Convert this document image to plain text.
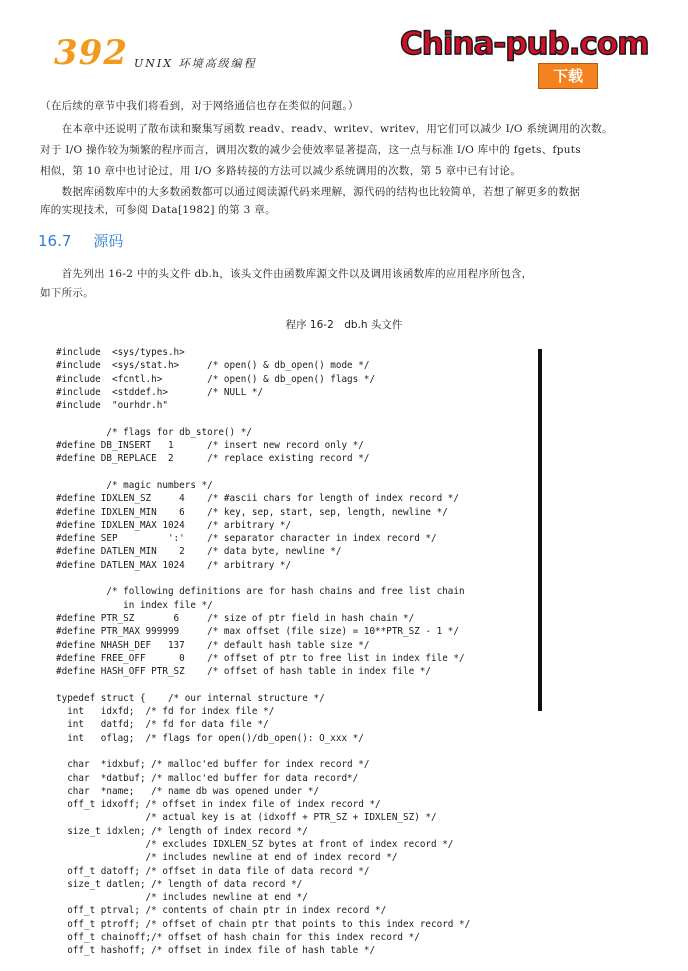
392 UNIX 环境高级编程
China-pub.com
下载
（在后续的章节中我们将看到，对于网络通信也存在类似的问题。）
　　在本章中还说明了散布读和聚集写函数 readv、readv、writev、writev，用它们可以减少 I/O 系统调用的次数。
对于 I/O 操作较为频繁的程序而言，调用次数的减少会使效率显著提高，这一点与标准 I/O 库中的 fgets、fputs
相似，第 10 章中也讨论过，用 I/O 多路转接的方法可以减少系统调用的次数，第 5 章中已有讨论。
　　数据库函数库中的大多数函数都可以通过阅读源代码来理解，源代码的结构也比较简单，若想了解更多的数据
库的实现技术，可参阅 Data[1982] 的第 3 章。
16.7 源码
　　首先列出 16-2 中的头文件 db.h，该头文件由函数库源文件以及调用该函数库的应用程序所包含，
如下所示。
程序 16-2　db.h 头文件
#include  <sys/types.h>
#include  <sys/stat.h>     /* open() & db_open() mode */
#include  <fcntl.h>        /* open() & db_open() flags */
#include  <stddef.h>       /* NULL */
#include  "ourhdr.h"

/* flags for db_store() */
#define DB_INSERT   1      /* insert new record only */
#define DB_REPLACE  2      /* replace existing record */

/* magic numbers */
#define IDXLEN_SZ     4    /* #ascii chars for length of index record */
#define IDXLEN_MIN    6    /* key, sep, start, sep, length, newline */
#define IDXLEN_MAX 1024    /* arbitrary */
#define SEP         ':'    /* separator character in index record */
#define DATLEN_MIN    2    /* data byte, newline */
#define DATLEN_MAX 1024    /* arbitrary */

/* following definitions are for hash chains and free list chain
in index file */
#define PTR_SZ       6     /* size of ptr field in hash chain */
#define PTR_MAX 999999     /* max offset (file size) = 10**PTR_SZ - 1 */
#define NHASH_DEF   137    /* default hash table size */
#define FREE_OFF      0    /* offset of ptr to free list in index file */
#define HASH_OFF PTR_SZ    /* offset of hash table in index file */

typedef struct {    /* our internal structure */
int   idxfd;  /* fd for index file */
int   datfd;  /* fd for data file */
int   oflag;  /* flags for open()/db_open(): O_xxx */

char  *idxbuf; /* malloc'ed buffer for index record */
char  *datbuf; /* malloc'ed buffer for data record*/
char  *name;   /* name db was opened under */
off_t idxoff; /* offset in index file of index record */
/* actual key is at (idxoff + PTR_SZ + IDXLEN_SZ) */
size_t idxlen; /* length of index record */
/* excludes IDXLEN_SZ bytes at front of index record */
/* includes newline at end of index record */
off_t datoff; /* offset in data file of data record */
size_t datlen; /* length of data record */
/* includes newline at end */
off_t ptrval; /* contents of chain ptr in index record */
off_t ptroff; /* offset of chain ptr that points to this index record */
off_t chainoff;/* offset of hash chain for this index record */
off_t hashoff; /* offset in index file of hash table */
